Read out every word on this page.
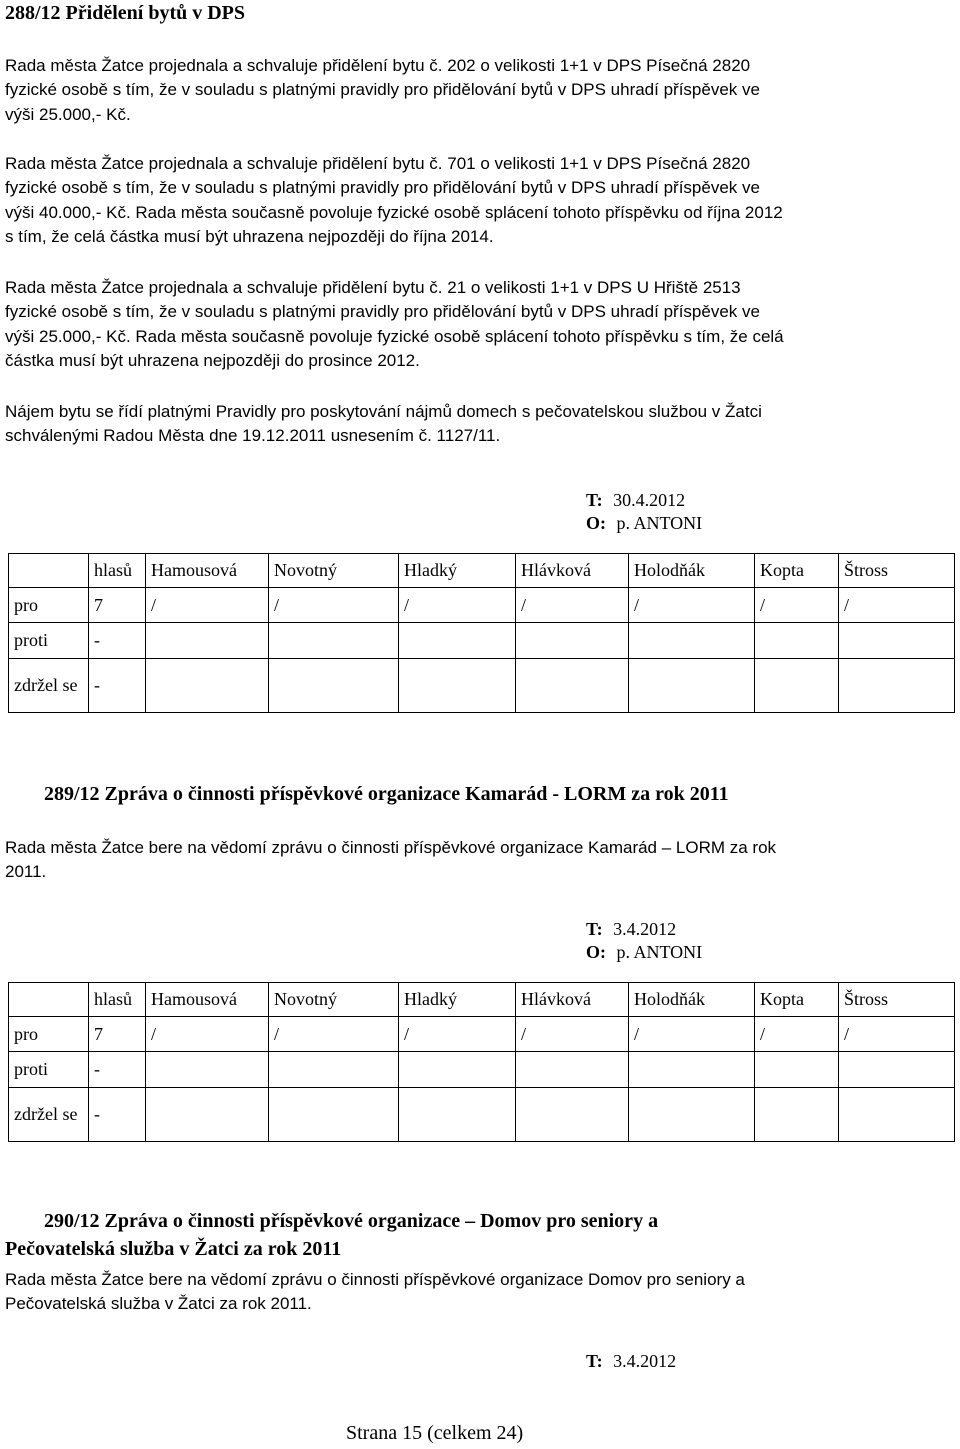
288/12 Přidělení bytů v DPS
Rada města Žatce projednala a schvaluje přidělení bytu č. 202 o velikosti 1+1 v DPS Písečná 2820
fyzické osobě s tím, že v souladu s platnými pravidly pro přidělování bytů v DPS uhradí příspěvek ve
výši 25.000,- Kč.
Rada města Žatce projednala a schvaluje přidělení bytu č. 701 o velikosti 1+1 v DPS Písečná 2820
fyzické osobě s tím, že v souladu s platnými pravidly pro přidělování bytů v DPS uhradí příspěvek ve
výši 40.000,- Kč. Rada města současně povoluje fyzické osobě splácení tohoto příspěvku od října 2012
s tím, že celá částka musí být uhrazena nejpozději do října 2014.
Rada města Žatce projednala a schvaluje přidělení bytu č. 21 o velikosti 1+1 v DPS U Hřiště 2513
fyzické osobě s tím, že v souladu s platnými pravidly pro přidělování bytů v DPS uhradí příspěvek ve
výši 25.000,- Kč. Rada města současně povoluje fyzické osobě splácení tohoto příspěvku s tím, že celá
částka musí být uhrazena nejpozději do prosince 2012.
Nájem bytu se řídí platnými Pravidly pro poskytování nájmů domech s pečovatelskou službou v Žatci
schválenými Radou Města dne 19.12.2011 usnesením č. 1127/11.
T: 30.4.2012
O: p. ANTONI
	hlasů	Hamousová	Novotný	Hladký	Hlávková	Holodňák	Kopta	Štross
pro	7	/	/	/	/	/	/	/
proti	-							
zdržel se	-							
289/12 Zpráva o činnosti příspěvkové organizace Kamarád - LORM za rok 2011
Rada města Žatce bere na vědomí zprávu o činnosti příspěvkové organizace Kamarád – LORM za rok
2011.
T: 3.4.2012
O: p. ANTONI
	hlasů	Hamousová	Novotný	Hladký	Hlávková	Holodňák	Kopta	Štross
pro	7	/	/	/	/	/	/	/
proti	-							
zdržel se	-							
290/12 Zpráva o činnosti příspěvkové organizace – Domov pro seniory a
Pečovatelská služba v Žatci za rok 2011
Rada města Žatce bere na vědomí zprávu o činnosti příspěvkové organizace Domov pro seniory a
Pečovatelská služba v Žatci za rok 2011.
T: 3.4.2012
Strana 15 (celkem 24)
